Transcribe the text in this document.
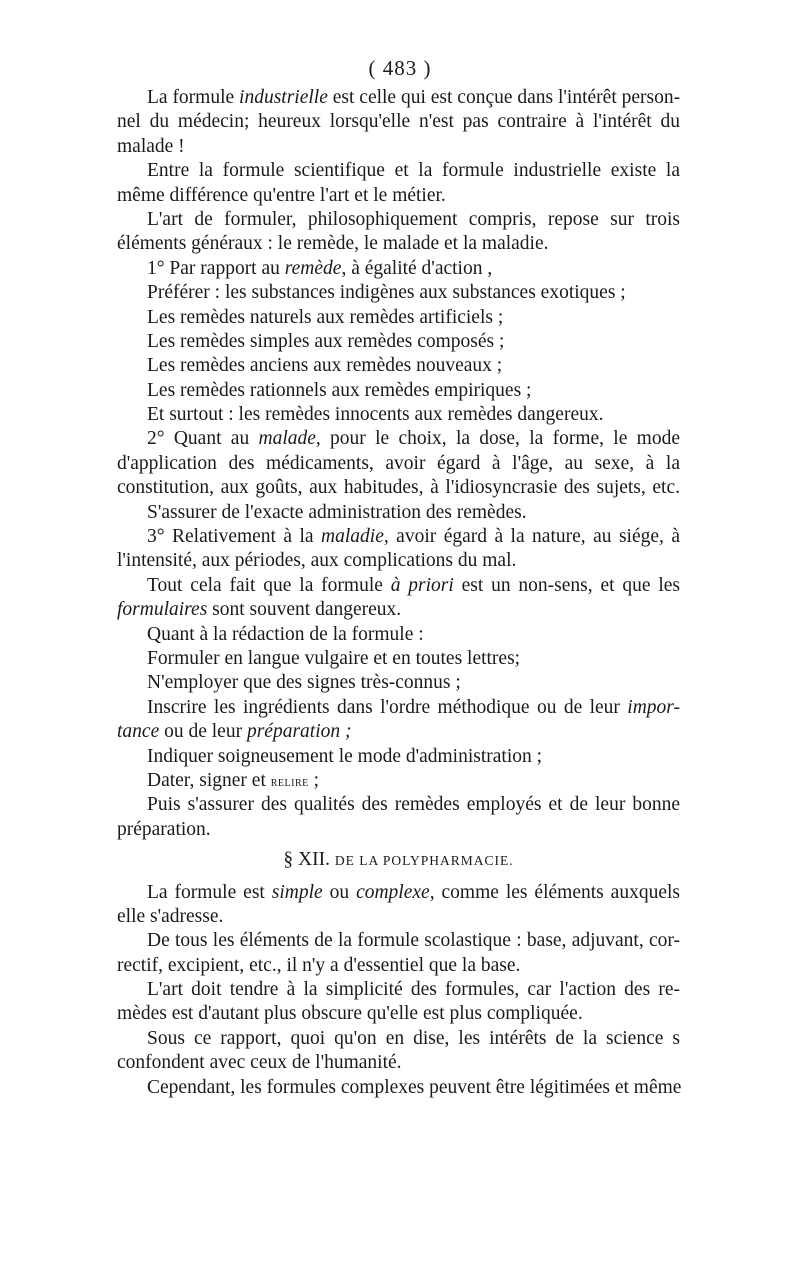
( 483 )
La formule industrielle est celle qui est conçue dans l'intérêt person-
nel du médecin; heureux lorsqu'elle n'est pas contraire à l'intérêt du
malade !
Entre la formule scientifique et la formule industrielle existe la
même différence qu'entre l'art et le métier.
L'art de formuler, philosophiquement compris, repose sur trois
éléments généraux : le remède, le malade et la maladie.
1° Par rapport au remède, à égalité d'action ,
Préférer : les substances indigènes aux substances exotiques ;
Les remèdes naturels aux remèdes artificiels ;
Les remèdes simples aux remèdes composés ;
Les remèdes anciens aux remèdes nouveaux ;
Les remèdes rationnels aux remèdes empiriques ;
Et surtout : les remèdes innocents aux remèdes dangereux.
2° Quant au malade, pour le choix, la dose, la forme, le mode
d'application des médicaments, avoir égard à l'âge, au sexe, à la
constitution, aux goûts, aux habitudes, à l'idiosyncrasie des sujets, etc.
S'assurer de l'exacte administration des remèdes.
3° Relativement à la maladie, avoir égard à la nature, au siége, à
l'intensité, aux périodes, aux complications du mal.
Tout cela fait que la formule à priori est un non-sens, et que les
formulaires sont souvent dangereux.
Quant à la rédaction de la formule :
Formuler en langue vulgaire et en toutes lettres;
N'employer que des signes très-connus ;
Inscrire les ingrédients dans l'ordre méthodique ou de leur impor-
tance ou de leur préparation ;
Indiquer soigneusement le mode d'administration ;
Dater, signer et relire ;
Puis s'assurer des qualités des remèdes employés et de leur bonne
préparation.
§ XII. DE LA POLYPHARMACIE.
La formule est simple ou complexe, comme les éléments auxquels
elle s'adresse.
De tous les éléments de la formule scolastique : base, adjuvant, cor-
rectif, excipient, etc., il n'y a d'essentiel que la base.
L'art doit tendre à la simplicité des formules, car l'action des re-
mèdes est d'autant plus obscure qu'elle est plus compliquée.
Sous ce rapport, quoi qu'on en dise, les intérêts de la science s
confondent avec ceux de l'humanité.
Cependant, les formules complexes peuvent être légitimées et même
